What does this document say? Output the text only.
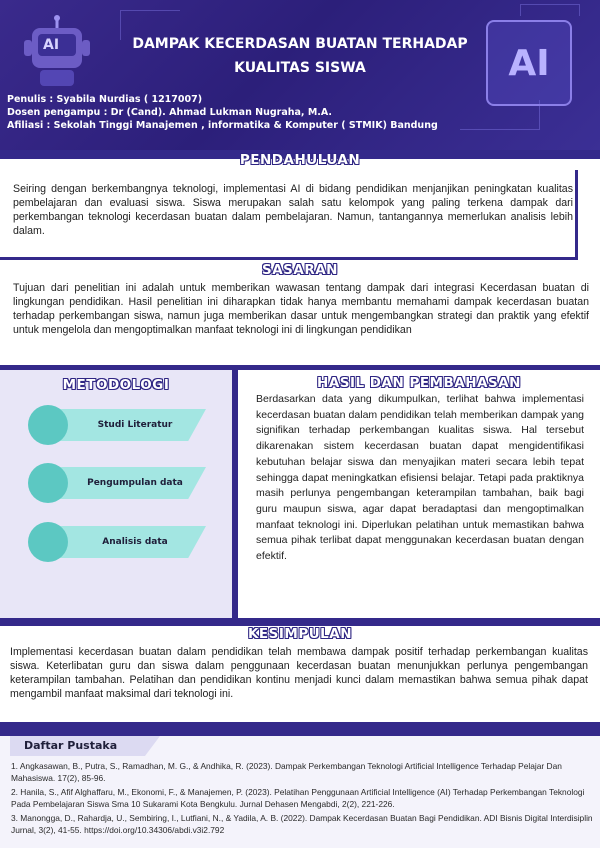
AI	AI
DAMPAK KECERDASAN BUATAN TERHADAP
KUALITAS SISWA
Penulis : Syabila Nurdias ( 1217007)
Dosen pengampu : Dr (Cand). Ahmad Lukman Nugraha, M.A.
Afiliasi : Sekolah Tinggi Manajemen , informatika & Komputer ( STMIK) Bandung
PENDAHULUAN
Seiring dengan berkembangnya teknologi, implementasi AI di bidang pendidikan menjanjikan peningkatan kualitas pembelajaran dan evaluasi siswa. Siswa merupakan salah satu kelompok yang paling terkena dampak dari perkembangan teknologi kecerdasan buatan dalam pembelajaran. Namun, tantangannya memerlukan analisis lebih dalam.
SASARAN
Tujuan dari penelitian ini adalah untuk memberikan wawasan tentang dampak dari integrasi Kecerdasan buatan di lingkungan pendidikan. Hasil penelitian ini diharapkan tidak hanya membantu memahami dampak kecerdasan buatan terhadap perkembangan siswa, namun juga memberikan dasar untuk mengembangkan strategi dan praktik yang efektif untuk mengelola dan mengoptimalkan manfaat teknologi ini di lingkungan pendidikan
METODOLOGI
Studi Literatur
Pengumpulan data
Analisis data
HASIL DAN PEMBAHASAN
Berdasarkan data yang dikumpulkan, terlihat bahwa implementasi kecerdasan buatan dalam pendidikan telah memberikan dampak yang signifikan terhadap perkembangan kualitas siswa. Hal tersebut dikarenakan sistem kecerdasan buatan dapat mengidentifikasi kebutuhan belajar siswa dan menyajikan materi secara lebih tepat sehingga dapat meningkatkan efisiensi belajar. Tetapi pada praktiknya masih perlunya pengembangan keterampilan tambahan, baik bagi guru maupun siswa, agar dapat beradaptasi dan mengoptimalkan manfaat teknologi ini. Diperlukan pelatihan untuk memastikan bahwa semua pihak terlibat dapat menggunakan kecerdasan buatan dengan efektif.
KESIMPULAN
Implementasi kecerdasan buatan dalam pendidikan telah membawa dampak positif terhadap perkembangan kualitas siswa. Keterlibatan guru dan siswa dalam penggunaan kecerdasan buatan menunjukkan perlunya pengembangan keterampilan tambahan. Pelatihan dan pendidikan kontinu menjadi kunci dalam memastikan bahwa semua pihak dapat mengambil manfaat maksimal dari teknologi ini.
Daftar Pustaka
1. Angkasawan, B., Putra, S., Ramadhan, M. G., & Andhika, R. (2023). Dampak Perkembangan Teknologi Artificial Intelligence Terhadap Pelajar Dan Mahasiswa. 17(2), 85-96.
2. Hanila, S., Afif Alghaffaru, M., Ekonomi, F., & Manajemen, P. (2023). Pelatihan Penggunaan Artificial Intelligence (AI) Terhadap Perkembangan Teknologi Pada Pembelajaran Siswa Sma 10 Sukarami Kota Bengkulu. Jurnal Dehasen Mengabdi, 2(2), 221-226.
3. Manongga, D., Rahardja, U., Sembiring, I., Lutfiani, N., & Yadila, A. B. (2022). Dampak Kecerdasan Buatan Bagi Pendidikan. ADI Bisnis Digital Interdisiplin Jurnal, 3(2), 41-55. https://doi.org/10.34306/abdi.v3i2.792
